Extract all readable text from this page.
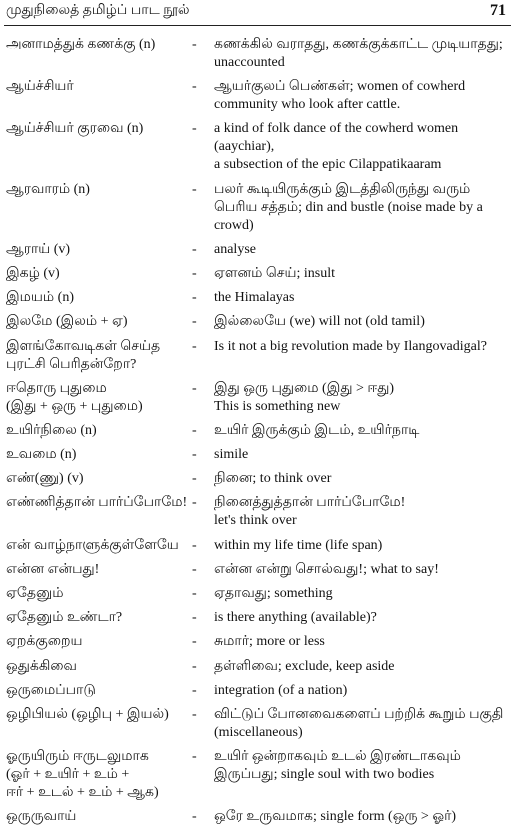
முதுநிலைத் தமிழ்ப் பாட நூல்	71
அனாமத்துக் கணக்கு (n)	-	கணக்கில் வராதது, கணக்குக்காட்ட முடியாதது;
unaccounted
ஆய்ச்சியர்	-	ஆயர்குலப் பெண்கள்; women of cowherd
community who look after cattle.
ஆய்ச்சியர் குரவை (n)	-	a kind of folk dance of the cowherd women (aaychiar),
a subsection of the epic Cilappatikaaram
ஆரவாரம் (n)	-	பலர் கூடியிருக்கும் இடத்திலிருந்து வரும்
பெரிய சத்தம்; din and bustle (noise made by a
crowd)
ஆராய் (v)	-	analyse
இகழ் (v)	-	ஏளனம் செய்; insult
இமயம் (n)	-	the Himalayas
இலமே (இலம் + ஏ)	-	இல்லையே (we) will not (old tamil)
இளங்கோவடிகள் செய்த
புரட்சி பெரிதன்றோ?
-	Is it not a big revolution made by Ilangovadigal?
ஈதொரு புதுமை
(இது + ஒரு + புதுமை)
-	இது ஒரு புதுமை (இது > ஈது)
This is something new
உயிர்நிலை (n)	-	உயிர் இருக்கும் இடம், உயிர்நாடி
உவமை (n)	-	simile
எண்(ணு) (v)	-	நினை; to think over
எண்ணித்தான் பார்ப்போமே! -	நினைத்துத்தான் பார்ப்போமே!
let's think over
என் வாழ்நாளுக்குள்ளேயே -	within my life time (life span)
என்ன என்பது!	-	என்ன என்று சொல்வது!; what to say!
ஏதேனும்	-	ஏதாவது; something
ஏதேனும் உண்டா?	-	is there anything (available)?
ஏறக்குறைய	-	சுமார்; more or less
ஒதுக்கிவை	-	தள்ளிவை; exclude, keep aside
ஒருமைப்பாடு	-	integration (of a nation)
ஒழிபியல் (ஒழிபு + இயல்)	-	விட்டுப் போனவைகளைப் பற்றிக் கூறும் பகுதி
(miscellaneous)
ஓருயிரும் ஈருடலுமாக
(ஓர் + உயிர் + உம் +
ஈர் + உடல் + உம் + ஆக)
-	உயிர் ஒன்றாகவும் உடல் இரண்டாகவும்
இருப்பது; single soul with two bodies
ஒருருவாய்	-	ஒரே உருவமாக; single form (ஒரு > ஓர்)
